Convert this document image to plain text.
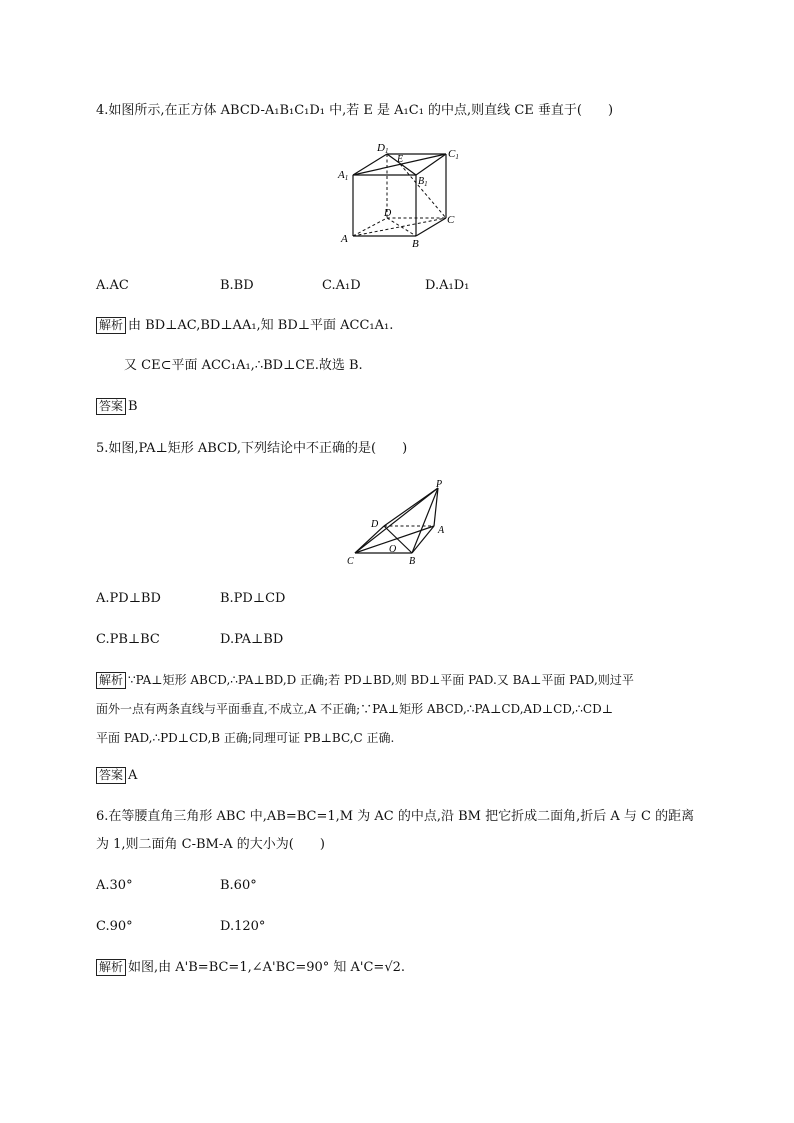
4.如图所示,在正方体 ABCD-A₁B₁C₁D₁ 中,若 E 是 A₁C₁ 的中点,则直线 CE 垂直于(　　)
D1
E	C1
A1	$B_1$
D
C
A	B
A.AC	B.BD	C.A₁D	D.A₁D₁
解析 由 BD⊥AC,BD⊥AA₁,知 BD⊥平面 ACC₁A₁.
又 CE⊂平面 ACC₁A₁,∴BD⊥CE.故选 B.
答案 B
5.如图,PA⊥矩形 ABCD,下列结论中不正确的是(　　)
P
D
A
O
C	B
A.PD⊥BD	B.PD⊥CD
C.PB⊥BC	D.PA⊥BD
解析 ∵PA⊥矩形 ABCD,∴PA⊥BD,D 正确;若 PD⊥BD,则 BD⊥平面 PAD.又 BA⊥平面 PAD,则过平
面外一点有两条直线与平面垂直,不成立,A 不正确;∵PA⊥矩形 ABCD,∴PA⊥CD,AD⊥CD,∴CD⊥
平面 PAD,∴PD⊥CD,B 正确;同理可证 PB⊥BC,C 正确.
答案 A
6.在等腰直角三角形 ABC 中,AB=BC=1,M 为 AC 的中点,沿 BM 把它折成二面角,折后 A 与 C 的距离
为 1,则二面角 C-BM-A 的大小为(　　)
A.30°	B.60°
C.90°	D.120°
解析 如图,由 A'B=BC=1,∠A'BC=90° 知 A'C=√2.
